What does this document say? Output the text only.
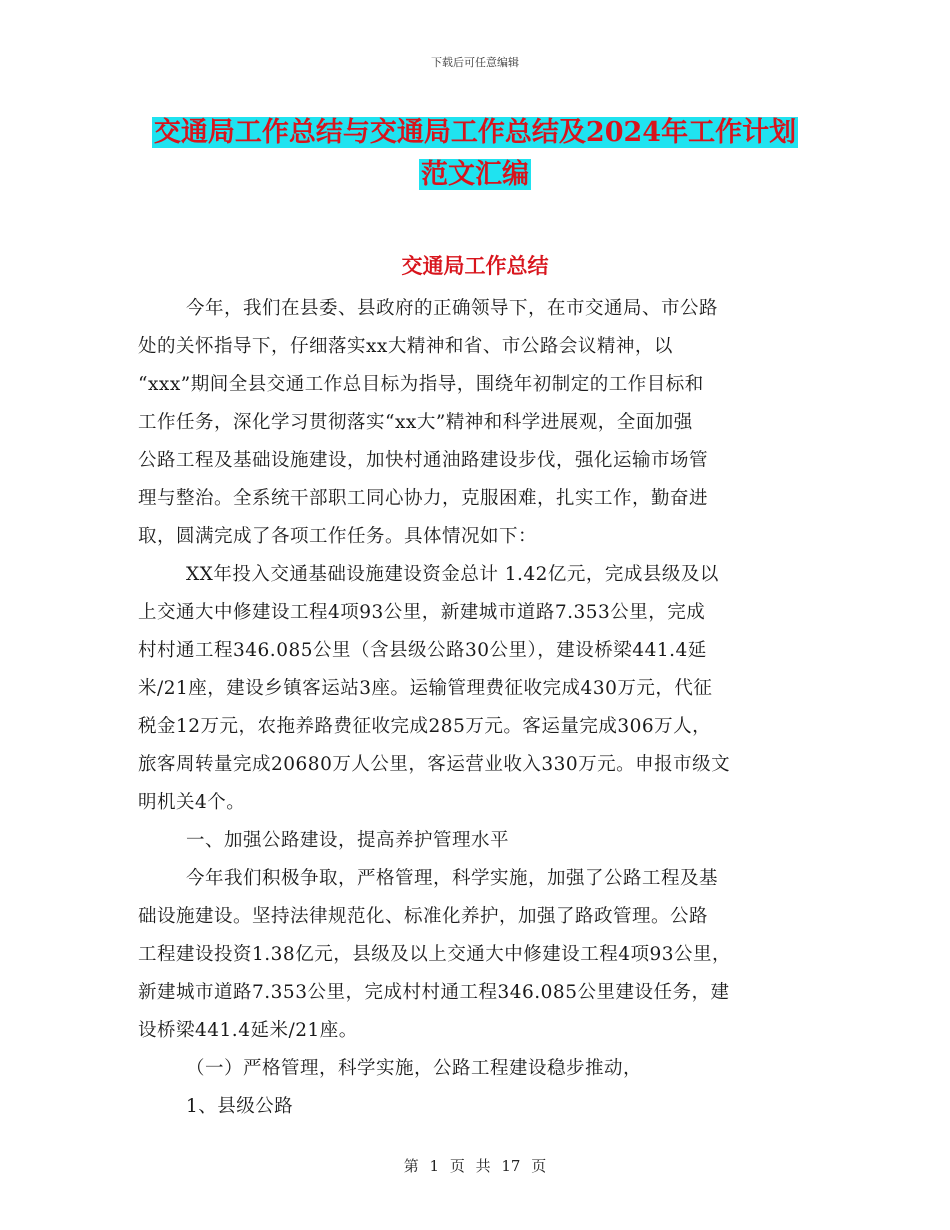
下载后可任意编辑
交通局工作总结与交通局工作总结及2024年工作计划
范文汇编
交通局工作总结
今年，我们在县委、县政府的正确领导下，在市交通局、市公路
处的关怀指导下，仔细落实xx大精神和省、市公路会议精神，以
“xxx”期间全县交通工作总目标为指导，围绕年初制定的工作目标和
工作任务，深化学习贯彻落实“xx大”精神和科学进展观，全面加强
公路工程及基础设施建设，加快村通油路建设步伐，强化运输市场管
理与整治。全系统干部职工同心协力，克服困难，扎实工作，勤奋进
取，圆满完成了各项工作任务。具体情况如下：
XX年投入交通基础设施建设资金总计 1.42亿元，完成县级及以
上交通大中修建设工程4项93公里，新建城市道路7.353公里，完成
村村通工程346.085公里（含县级公路30公里），建设桥梁441.4延
米/21座，建设乡镇客运站3座。运输管理费征收完成430万元，代征
税金12万元，农拖养路费征收完成285万元。客运量完成306万人，
旅客周转量完成20680万人公里，客运营业收入330万元。申报市级文
明机关4个。
一、加强公路建设，提高养护管理水平
今年我们积极争取，严格管理，科学实施，加强了公路工程及基
础设施建设。坚持法律规范化、标准化养护，加强了路政管理。公路
工程建设投资1.38亿元，县级及以上交通大中修建设工程4项93公里，
新建城市道路7.353公里，完成村村通工程346.085公里建设任务，建
设桥梁441.4延米/21座。
（一）严格管理，科学实施，公路工程建设稳步推动，
1、县级公路
第 1 页 共 17 页
